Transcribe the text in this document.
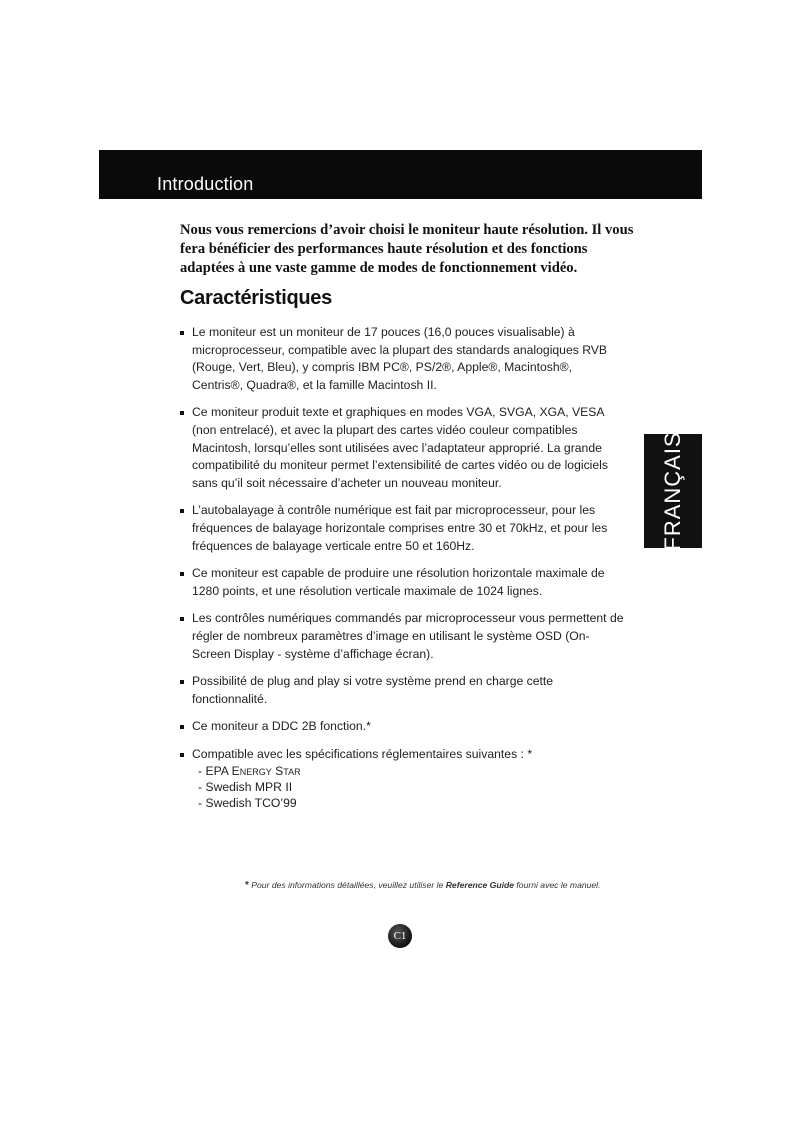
Introduction
Nous vous remercions d’avoir choisi le moniteur haute résolution. Il vous fera bénéficier des performances haute résolution et des fonctions adaptées à une vaste gamme de modes de fonctionnement vidéo.
Caractéristiques
Le moniteur est un moniteur de 17 pouces (16,0 pouces visualisable) à microprocesseur, compatible avec la plupart des standards analogiques RVB (Rouge, Vert, Bleu), y compris IBM PC®, PS/2®, Apple®, Macintosh®, Centris®, Quadra®, et la famille Macintosh II.
Ce moniteur produit texte et graphiques en modes VGA, SVGA, XGA, VESA (non entrelacé), et avec la plupart des cartes vidéo couleur compatibles Macintosh, lorsqu’elles sont utilisées avec l’adaptateur approprié. La grande compatibilité du moniteur permet l’extensibilité de cartes vidéo ou de logiciels sans qu’il soit nécessaire d’acheter un nouveau moniteur.
L’autobalayage à contrôle numérique est fait par microprocesseur, pour les fréquences de balayage horizontale comprises entre 30 et 70kHz, et pour les fréquences de balayage verticale entre 50 et 160Hz.
Ce moniteur est capable de produire une résolution horizontale maximale de 1280 points, et une résolution verticale maximale de 1024 lignes.
Les contrôles numériques commandés par microprocesseur vous permettent de régler de nombreux paramètres d’image en utilisant le système OSD (On-Screen Display - système d’affichage écran).
Possibilité de plug and play si votre système prend en charge cette fonctionnalité.
Ce moniteur a DDC 2B fonction.*
Compatible avec les spécifications réglementaires suivantes : *
- EPA Energy Star
- Swedish MPR II
- Swedish TCO’99
FRANÇAIS
* Pour des informations détaillées, veuillez utiliser le Reference Guide fourni avec le manuel.
C1
